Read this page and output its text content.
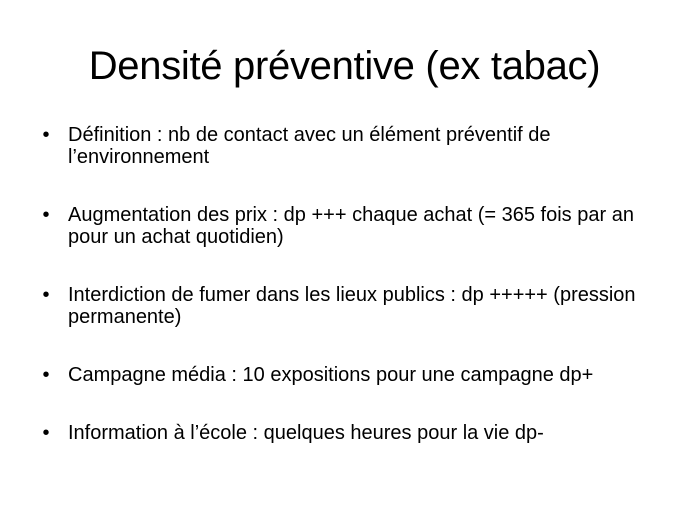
Densité préventive (ex tabac)
• Définition : nb de contact avec un élément préventif de l’environnement
• Augmentation des prix : dp +++ chaque achat (= 365 fois par an pour un achat quotidien)
• Interdiction de fumer dans les lieux publics : dp +++++ (pression permanente)
• Campagne média : 10 expositions pour une campagne dp+
• Information à l’école : quelques heures pour la vie dp-
